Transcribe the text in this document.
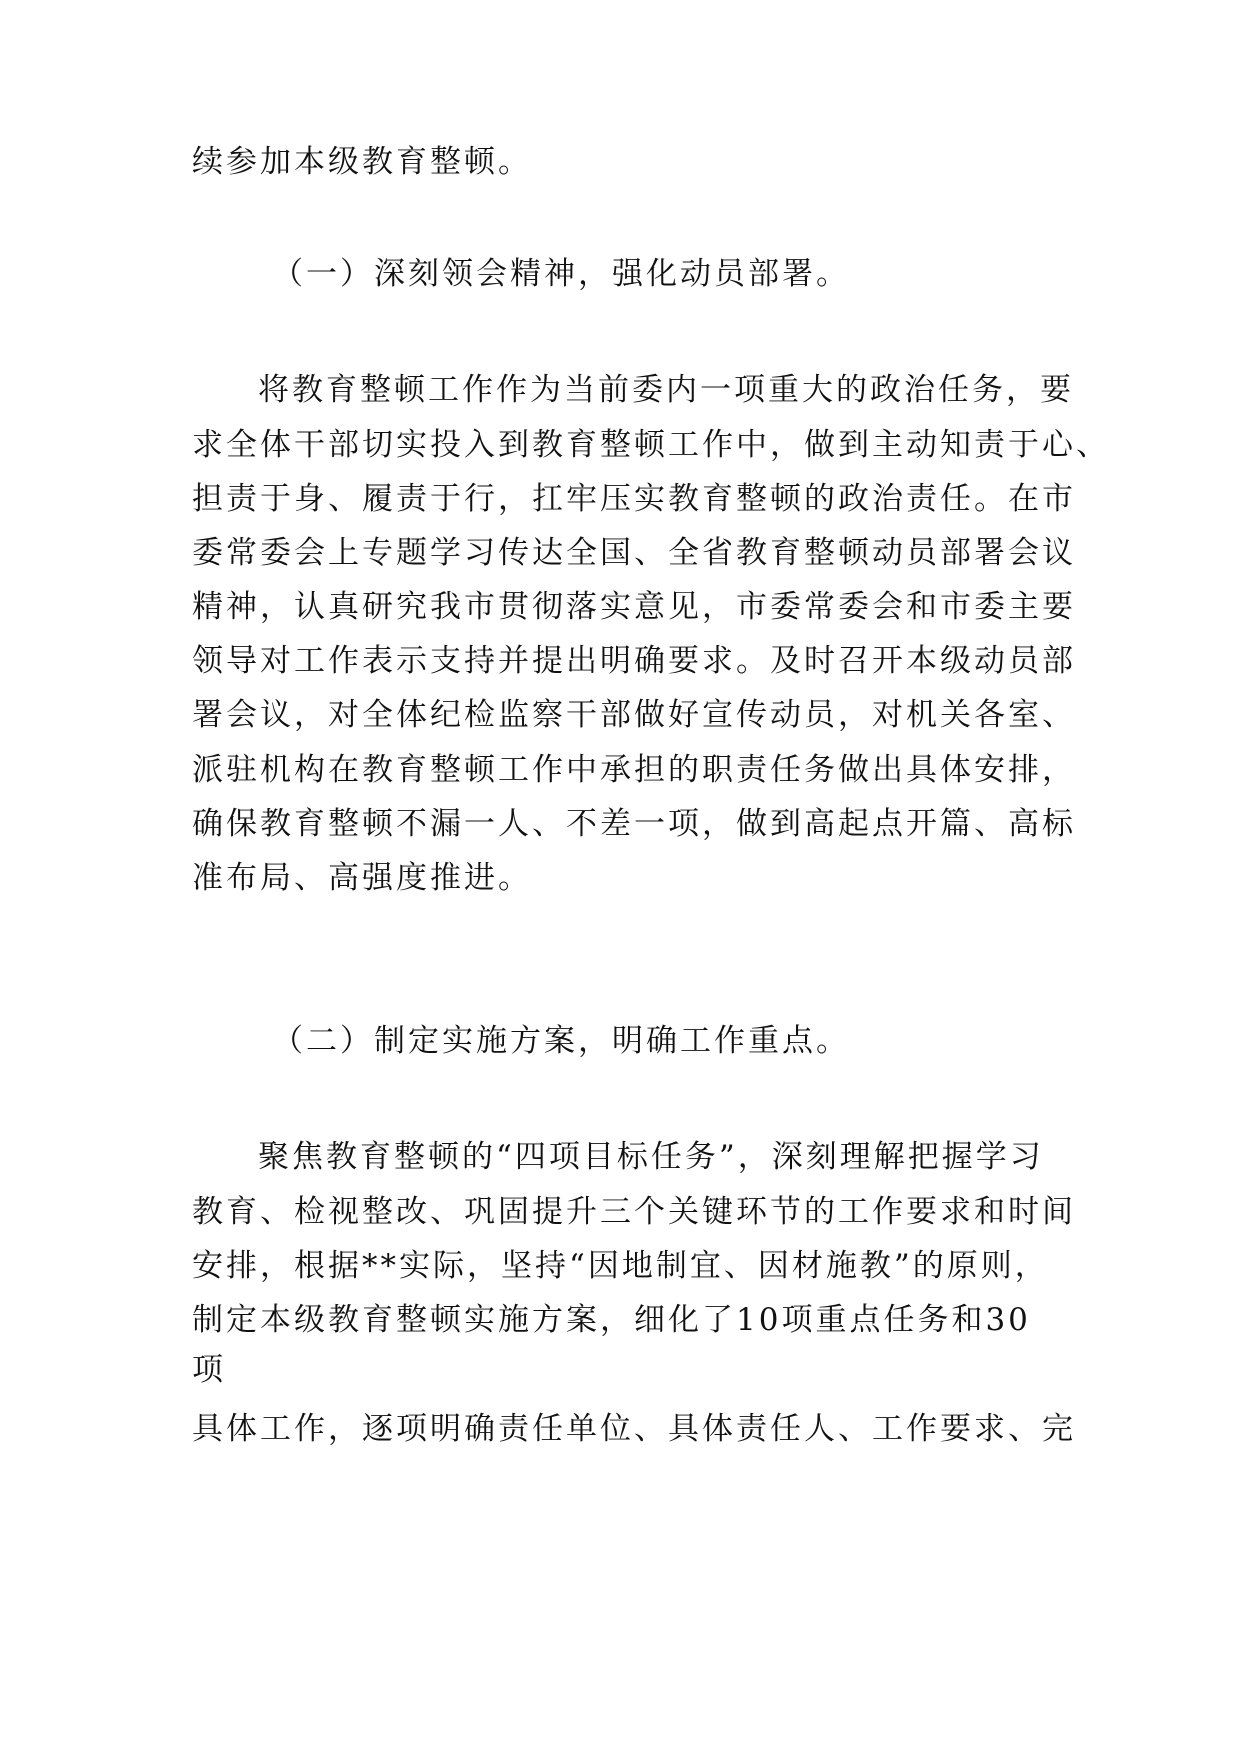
续参加本级教育整顿。
（一）深刻领会精神，强化动员部署。
将教育整顿工作作为当前委内一项重大的政治任务，要
求全体干部切实投入到教育整顿工作中，做到主动知责于心、
担责于身、履责于行，扛牢压实教育整顿的政治责任。在市
委常委会上专题学习传达全国、全省教育整顿动员部署会议
精神，认真研究我市贯彻落实意见，市委常委会和市委主要
领导对工作表示支持并提出明确要求。及时召开本级动员部
署会议，对全体纪检监察干部做好宣传动员，对机关各室、
派驻机构在教育整顿工作中承担的职责任务做出具体安排，
确保教育整顿不漏一人、不差一项，做到高起点开篇、高标
准布局、高强度推进。
（二）制定实施方案，明确工作重点。
聚焦教育整顿的“四项目标任务”，深刻理解把握学习
教育、检视整改、巩固提升三个关键环节的工作要求和时间
安排，根据**实际，坚持“因地制宜、因材施教”的原则，
制定本级教育整顿实施方案，细化了10项重点任务和30
项
具体工作，逐项明确责任单位、具体责任人、工作要求、完
